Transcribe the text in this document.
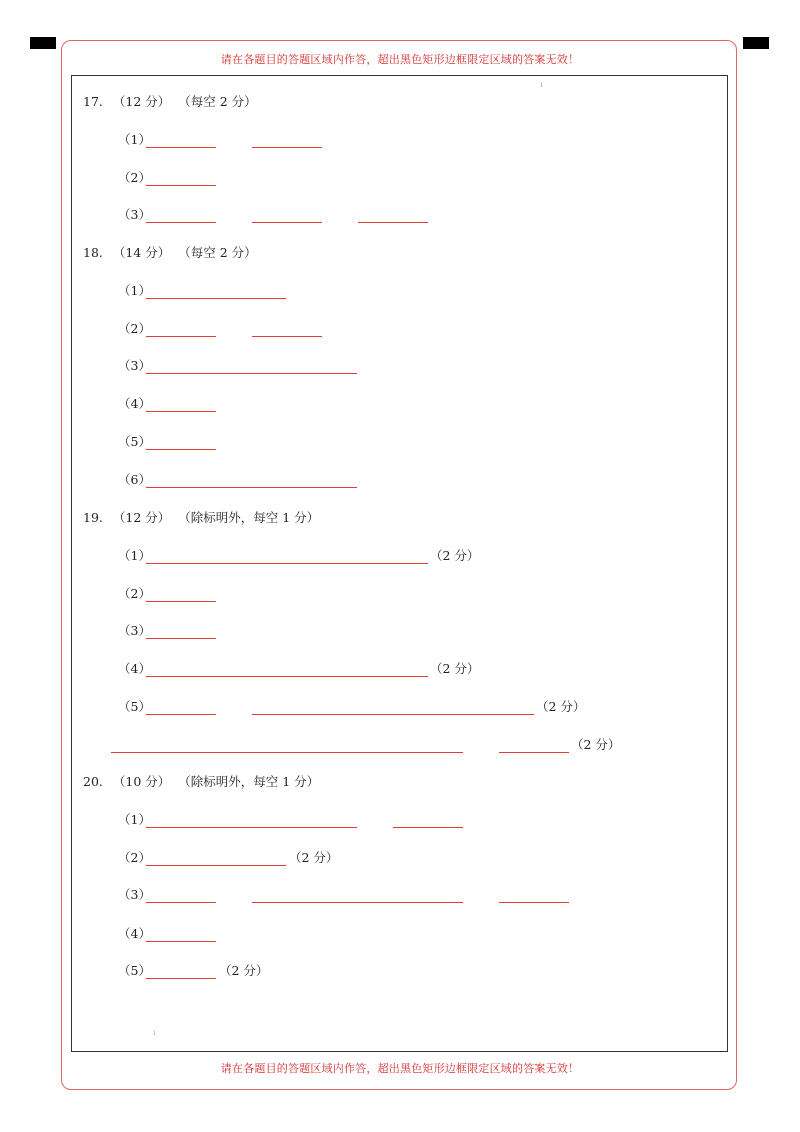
请在各题目的答题区域内作答，超出黑色矩形边框限定区域的答案无效！
请在各题目的答题区域内作答，超出黑色矩形边框限定区域的答案无效！
ı
ı
17. （12 分） （每空 2 分）
（1）
（2）
（3）
18. （14 分） （每空 2 分）
（1）
（2）
（3）
（4）
（5）
（6）
19. （12 分） （除标明外，每空 1 分）
（1）	（2 分）
（2）
（3）
（4）	（2 分）
（5）	（2 分）
（2 分）
20. （10 分） （除标明外，每空 1 分）
（1）
（2）	（2 分）
（3）
（4）
（5）	（2 分）
